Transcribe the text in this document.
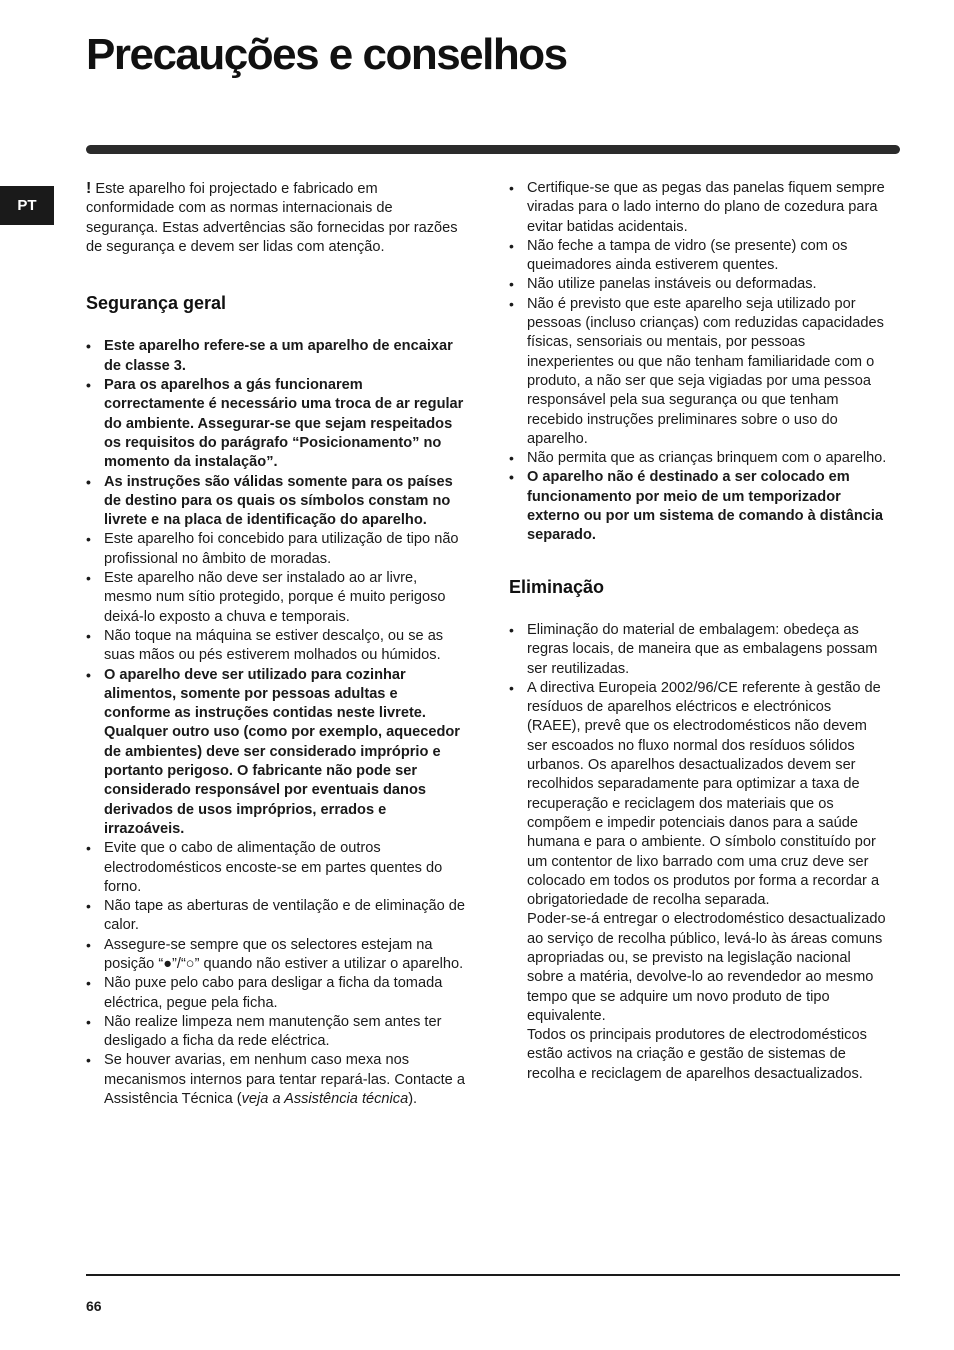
Precauções e conselhos
PT

! Este aparelho foi projectado e fabricado em conformidade com as normas internacionais de segurança. Estas advertências são fornecidas por razões de segurança e devem ser lidas com atenção.

Segurança geral
• Este aparelho refere-se a um aparelho de encaixar de classe 3.
• Para os aparelhos a gás funcionarem correctamente é necessário uma troca de ar regular do ambiente. Assegurar-se que sejam respeitados os requisitos do parágrafo “Posicionamento” no momento da instalação”.
• As instruções são válidas somente para os países de destino para os quais os símbolos constam no livrete e na placa de identificação do aparelho.
• Este aparelho foi concebido para utilização de tipo não profissional no âmbito de moradas.
• Este aparelho não deve ser instalado ao ar livre, mesmo num sítio protegido, porque é muito perigoso deixá-lo exposto a chuva e temporais.
• Não toque na máquina se estiver descalço, ou se as suas mãos ou pés estiverem molhados ou húmidos.
• O aparelho deve ser utilizado para cozinhar alimentos, somente por pessoas adultas e conforme as instruções contidas neste livrete. Qualquer outro uso (como por exemplo, aquecedor de ambientes) deve ser considerado impróprio e portanto perigoso. O fabricante não pode ser considerado responsável por eventuais danos derivados de usos impróprios, errados e irrazoáveis.
• Evite que o cabo de alimentação de outros electrodomésticos encoste-se em partes quentes do forno.
• Não tape as aberturas de ventilação e de eliminação de calor.
• Assegure-se sempre que os selectores estejam na posição “●”/“○” quando não estiver a utilizar o aparelho.
• Não puxe pelo cabo para desligar a ficha da tomada eléctrica, pegue pela ficha.
• Não realize limpeza nem manutenção sem antes ter desligado a ficha da rede eléctrica.
• Se houver avarias, em nenhum caso mexa nos mecanismos internos para tentar repará-las. Contacte a Assistência Técnica (veja a Assistência técnica).
• Certifique-se que as pegas das panelas fiquem sempre viradas para o lado interno do plano de cozedura para evitar batidas acidentais.
• Não feche a tampa de vidro (se presente) com os queimadores ainda estiverem quentes.
• Não utilize panelas instáveis ou deformadas.
• Não é previsto que este aparelho seja utilizado por pessoas (incluso crianças) com reduzidas capacidades físicas, sensoriais ou mentais, por pessoas inexperientes ou que não tenham familiaridade com o produto, a não ser que seja vigiadas por uma pessoa responsável pela sua segurança ou que tenham recebido instruções preliminares sobre o uso do aparelho.
• Não permita que as crianças brinquem com o aparelho.
• O aparelho não é destinado a ser colocado em funcionamento por meio de um temporizador externo ou por um sistema de comando à distância separado.
Eliminação
• Eliminação do material de embalagem: obedeça as regras locais, de maneira que as embalagens possam ser reutilizadas.
• A directiva Europeia 2002/96/CE referente à gestão de resíduos de aparelhos eléctricos e electrónicos (RAEE), prevê que os electrodomésticos não devem ser escoados no fluxo normal dos resíduos sólidos urbanos. Os aparelhos desactualizados devem ser recolhidos separadamente para optimizar a taxa de recuperação e reciclagem dos materiais que os compõem e impedir potenciais danos para a saúde humana e para o ambiente. O símbolo constituído por um contentor de lixo barrado com uma cruz deve ser colocado em todos os produtos por forma a recordar a obrigatoriedade de recolha separada.
Poder-se-á entregar o electrodoméstico desactualizado ao serviço de recolha público, levá-lo às áreas comuns apropriadas ou, se previsto na legislação nacional sobre a matéria, devolve-lo ao revendedor ao mesmo tempo que se adquire um novo produto de tipo equivalente.
Todos os principais produtores de electrodomésticos estão activos na criação e gestão de sistemas de recolha e reciclagem de aparelhos desactualizados.
66
